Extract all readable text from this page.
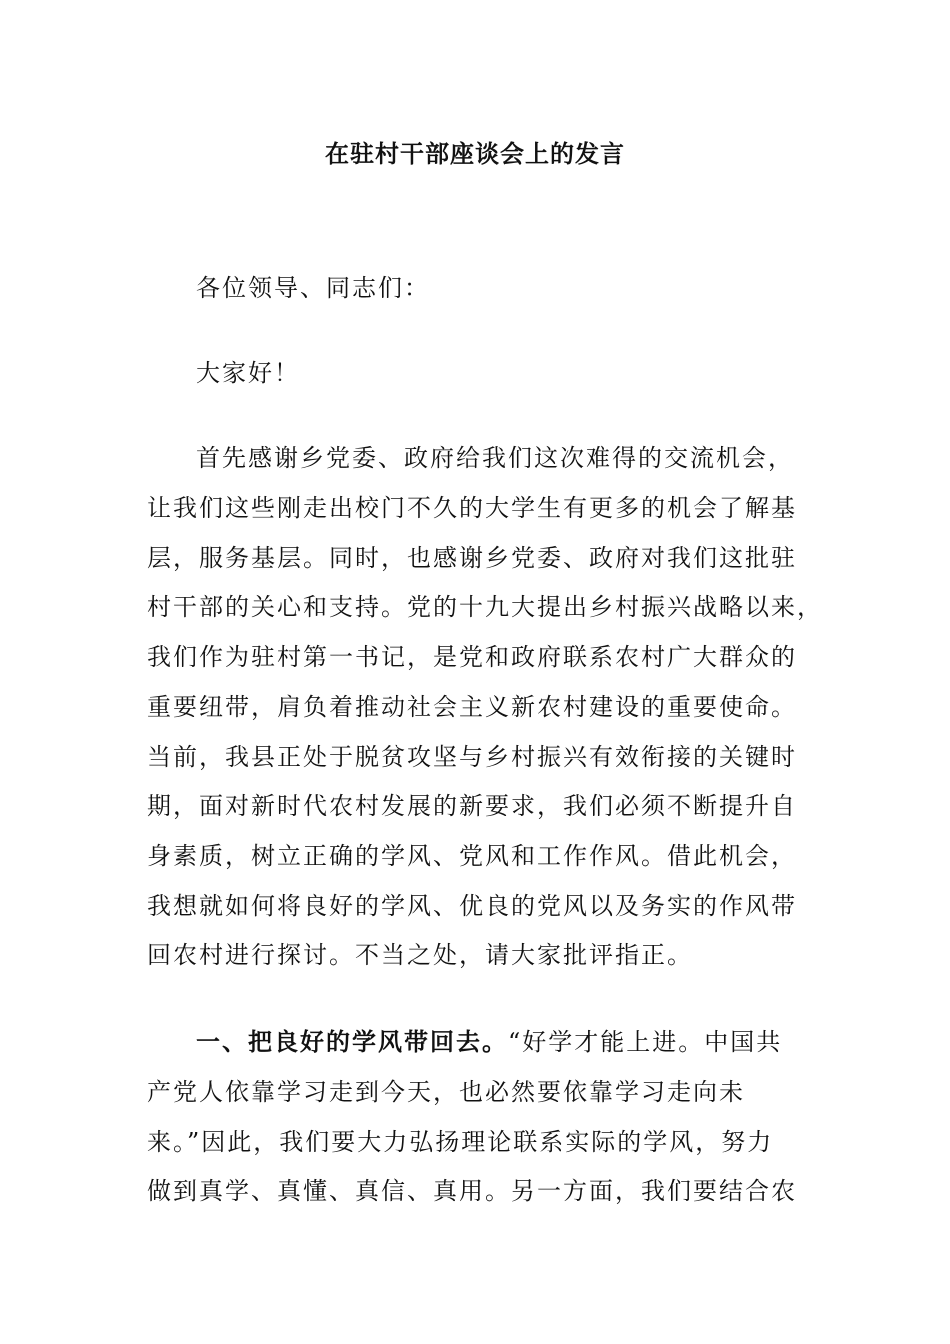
在驻村干部座谈会上的发言
各位领导、同志们：
大家好！
首先感谢乡党委、政府给我们这次难得的交流机会，
让我们这些刚走出校门不久的大学生有更多的机会了解基
层，服务基层。同时，也感谢乡党委、政府对我们这批驻
村干部的关心和支持。党的十九大提出乡村振兴战略以来，
我们作为驻村第一书记，是党和政府联系农村广大群众的
重要纽带，肩负着推动社会主义新农村建设的重要使命。
当前，我县正处于脱贫攻坚与乡村振兴有效衔接的关键时
期，面对新时代农村发展的新要求，我们必须不断提升自
身素质，树立正确的学风、党风和工作作风。借此机会，
我想就如何将良好的学风、优良的党风以及务实的作风带
回农村进行探讨。不当之处，请大家批评指正。
一、把良好的学风带回去。“好学才能上进。中国共
产党人依靠学习走到今天，也必然要依靠学习走向未
来。”因此，我们要大力弘扬理论联系实际的学风，努力
做到真学、真懂、真信、真用。另一方面，我们要结合农
